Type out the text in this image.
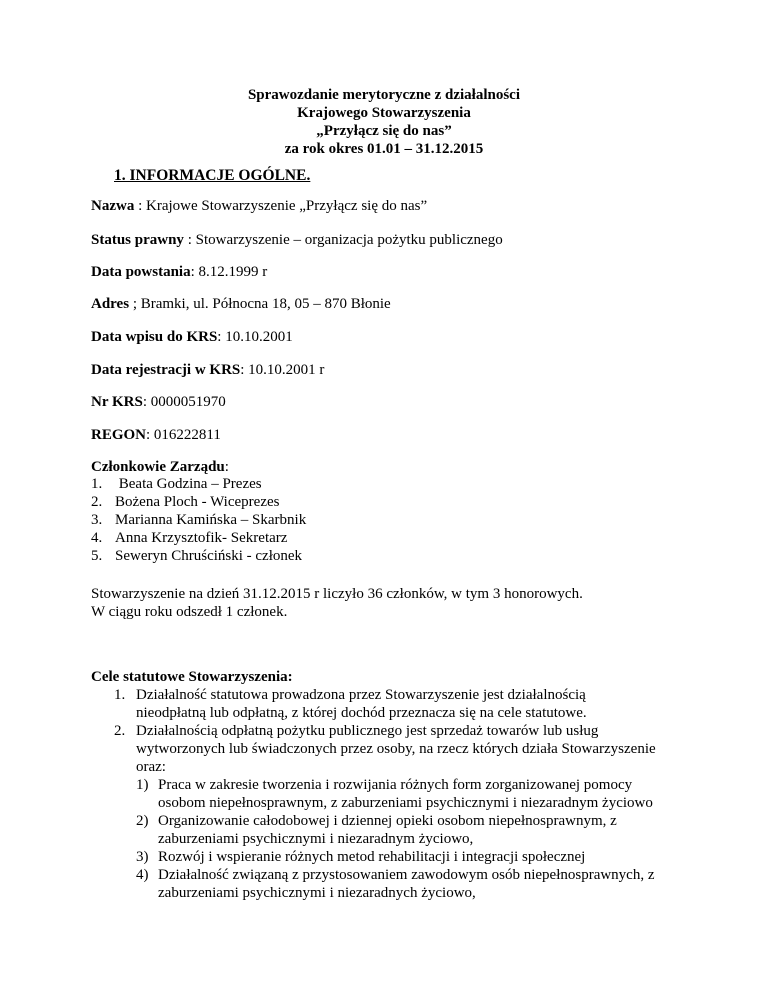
Sprawozdanie merytoryczne z działalności
Krajowego Stowarzyszenia
„Przyłącz się do nas”
za rok okres 01.01 – 31.12.2015
1. INFORMACJE OGÓLNE.
Nazwa : Krajowe Stowarzyszenie „Przyłącz się do nas”
Status prawny : Stowarzyszenie – organizacja pożytku publicznego
Data powstania: 8.12.1999 r
Adres ; Bramki, ul. Północna 18, 05 – 870 Błonie
Data wpisu do KRS: 10.10.2001
Data rejestracji w KRS: 10.10.2001 r
Nr KRS: 0000051970
REGON: 016222811
Członkowie Zarządu:
1. Beata Godzina – Prezes
2. Bożena Ploch - Wiceprezes
3. Marianna Kamińska – Skarbnik
4. Anna Krzysztofik- Sekretarz
5. Seweryn Chruściński - członek
Stowarzyszenie na dzień 31.12.2015 r liczyło 36 członków, w tym 3 honorowych.
W ciągu roku odszedł 1 członek.
Cele statutowe Stowarzyszenia:
1. Działalność statutowa prowadzona przez Stowarzyszenie jest działalnością
nieodpłatną lub odpłatną, z której dochód przeznacza się na cele statutowe.
2. Działalnością odpłatną pożytku publicznego jest sprzedaż towarów lub usług
wytworzonych lub świadczonych przez osoby, na rzecz których działa Stowarzyszenie
oraz:
1) Praca w zakresie tworzenia i rozwijania różnych form zorganizowanej pomocy
osobom niepełnosprawnym, z zaburzeniami psychicznymi i niezaradnym życiowo
2) Organizowanie całodobowej i dziennej opieki osobom niepełnosprawnym, z
zaburzeniami psychicznymi i niezaradnym życiowo,
3) Rozwój i wspieranie różnych metod rehabilitacji i integracji społecznej
4) Działalność związaną z przystosowaniem zawodowym osób niepełnosprawnych, z
zaburzeniami psychicznymi i niezaradnych życiowo,
